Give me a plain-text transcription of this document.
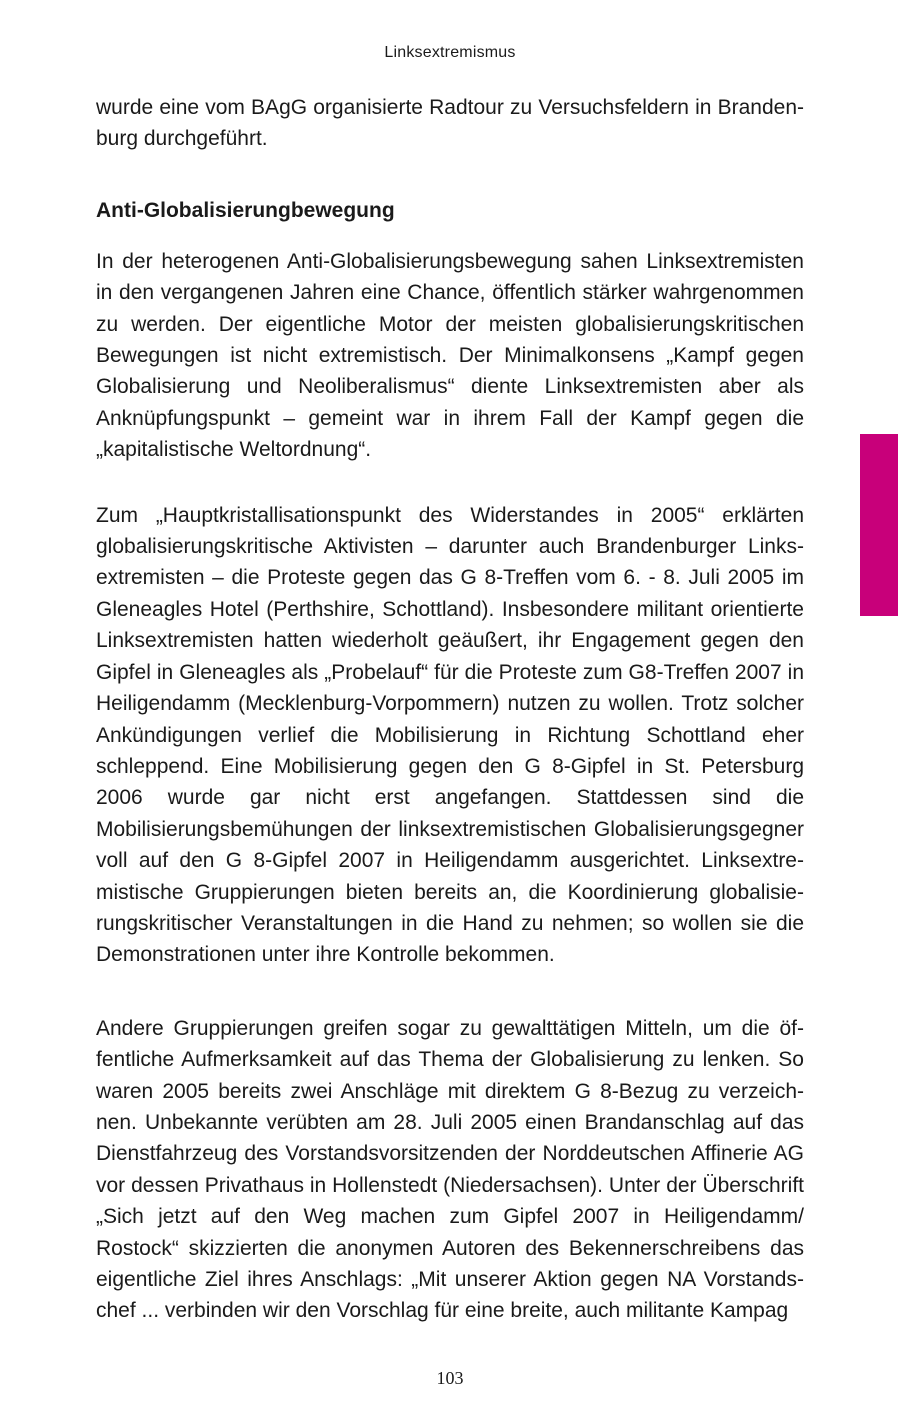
Linksextremismus

wurde eine vom BAgG organisierte Radtour zu Versuchsfeldern in Brandenburg durchgeführt.

Anti-Globalisierungbewegung

In der heterogenen Anti-Globalisierungsbewegung sahen Linksextremisten in den vergangenen Jahren eine Chance, öffentlich stärker wahrgenommen zu werden. Der eigentliche Motor der meisten globalisierungskritischen Bewegungen ist nicht extremistisch. Der Minimalkonsens „Kampf gegen Globalisierung und Neoliberalismus“ diente Linksextremisten aber als Anknüpfungspunkt – gemeint war in ihrem Fall der Kampf gegen die „kapitalistische Weltordnung“.

Zum „Hauptkristallisationspunkt des Widerstandes in 2005“ erklärten globalisierungskritische Aktivisten – darunter auch Brandenburger Linksextremisten – die Proteste gegen das G 8-Treffen vom 6. - 8. Juli 2005 im Gleneagles Hotel (Perthshire, Schottland). Insbesondere militant orientierte Linksextremisten hatten wiederholt geäußert, ihr Engagement gegen den Gipfel in Gleneagles als „Probelauf“ für die Proteste zum G8-Treffen 2007 in Heiligendamm (Mecklenburg-Vorpommern) nutzen zu wollen. Trotz solcher Ankündigungen verlief die Mobilisierung in Richtung Schottland eher schleppend. Eine Mobilisierung gegen den G 8-Gipfel in St. Petersburg 2006 wurde gar nicht erst angefangen. Stattdessen sind die Mobilisierungsbemühungen der linksextremistischen Globalisierungsgegner voll auf den G 8-Gipfel 2007 in Heiligendamm ausgerichtet. Linksextremistische Gruppierungen bieten bereits an, die Koordinierung globalisierungskritischer Veranstaltungen in die Hand zu nehmen; so wollen sie die Demonstrationen unter ihre Kontrolle bekommen.

Andere Gruppierungen greifen sogar zu gewalttätigen Mitteln, um die öffentliche Aufmerksamkeit auf das Thema der Globalisierung zu lenken. So waren 2005 bereits zwei Anschläge mit direktem G 8-Bezug zu verzeichnen. Unbekannte verübten am 28. Juli 2005 einen Brandanschlag auf das Dienstfahrzeug des Vorstandsvorsitzenden der Norddeutschen Affinerie AG vor dessen Privathaus in Hollenstedt (Niedersachsen). Unter der Überschrift „Sich jetzt auf den Weg machen zum Gipfel 2007 in Heiligendamm/ Rostock“ skizzierten die anonymen Autoren des Bekennerschreibens das eigentliche Ziel ihres Anschlags: „Mit unserer Aktion gegen NA Vorstandschef ... verbinden wir den Vorschlag für eine breite, auch militante Kampag

103
